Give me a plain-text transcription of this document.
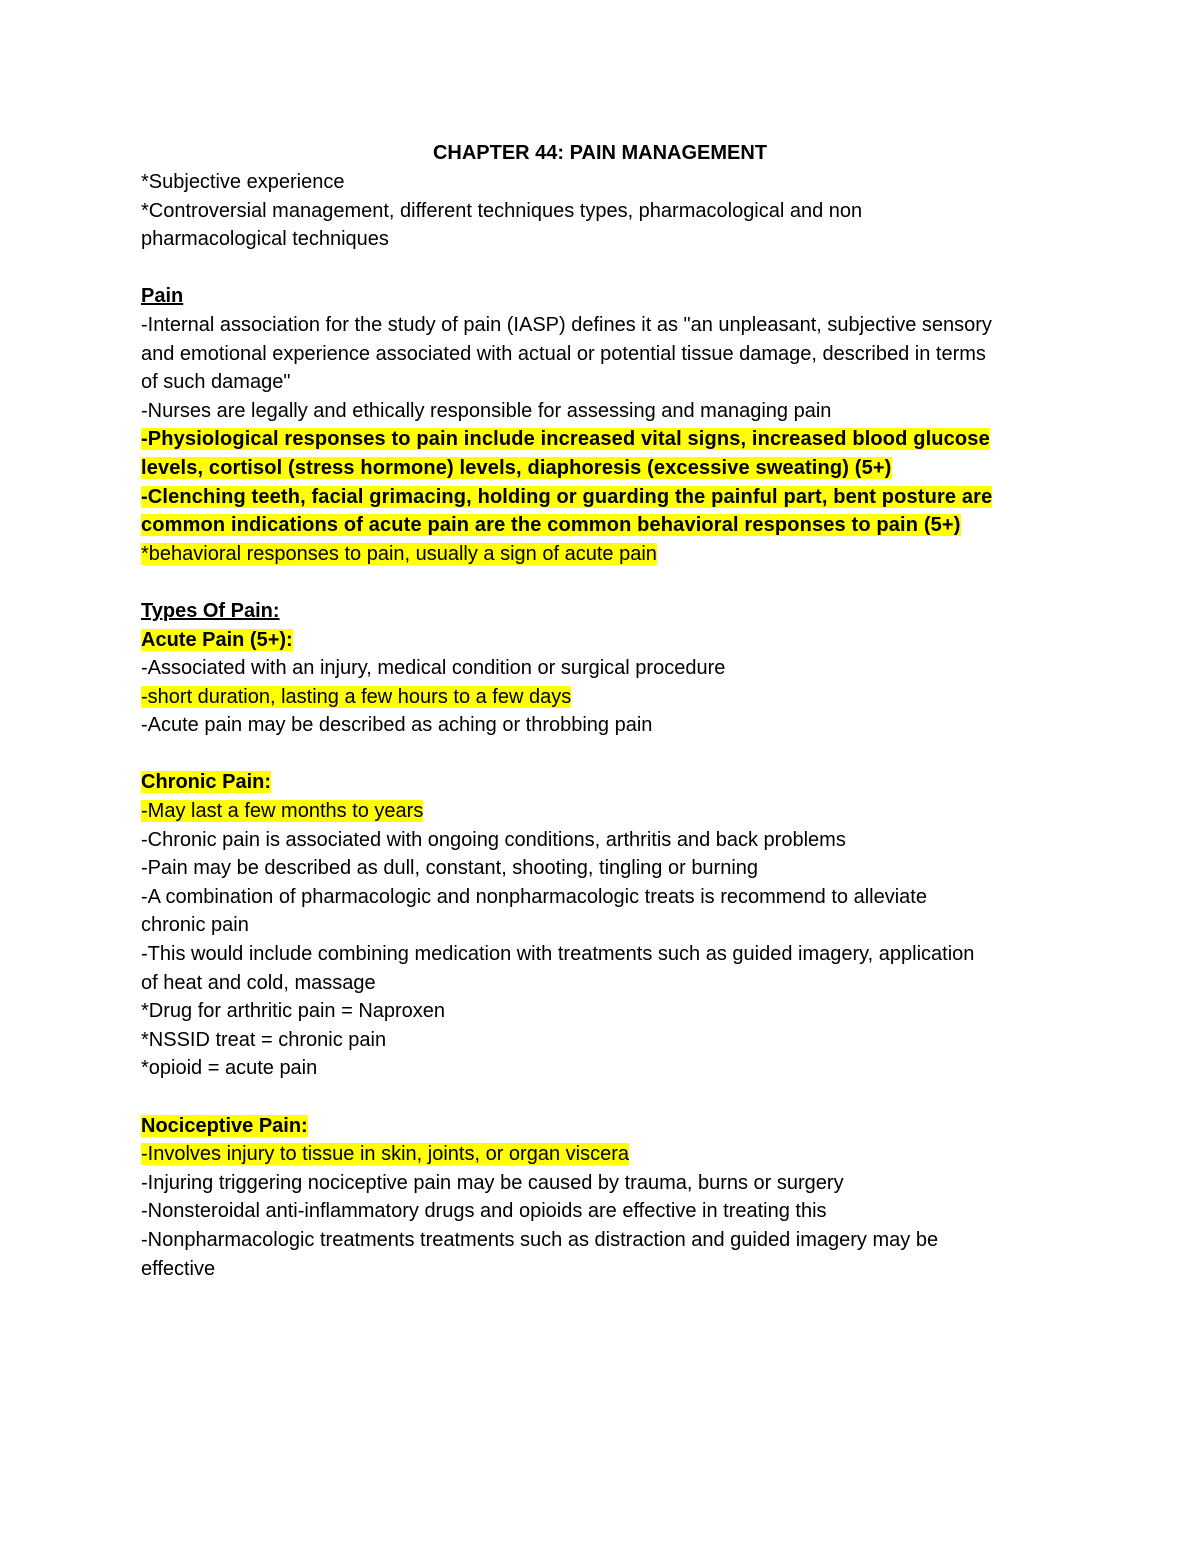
CHAPTER 44: PAIN MANAGEMENT
*Subjective experience
*Controversial management, different techniques types, pharmacological and non
pharmacological techniques
Pain
-Internal association for the study of pain (IASP) defines it as "an unpleasant, subjective sensory
and emotional experience associated with actual or potential tissue damage, described in terms
of such damage"
-Nurses are legally and ethically responsible for assessing and managing pain
-Physiological responses to pain include increased vital signs, increased blood glucose
levels, cortisol (stress hormone) levels, diaphoresis (excessive sweating) (5+)
-Clenching teeth, facial grimacing, holding or guarding the painful part, bent posture are
common indications of acute pain are the common behavioral responses to pain (5+)
*behavioral responses to pain, usually a sign of acute pain
Types Of Pain:
Acute Pain (5+):
-Associated with an injury, medical condition or surgical procedure
-short duration, lasting a few hours to a few days
-Acute pain may be described as aching or throbbing pain
Chronic Pain:
-May last a few months to years
-Chronic pain is associated with ongoing conditions, arthritis and back problems
-Pain may be described as dull, constant, shooting, tingling or burning
-A combination of pharmacologic and nonpharmacologic treats is recommend to alleviate
chronic pain
-This would include combining medication with treatments such as guided imagery, application
of heat and cold, massage
*Drug for arthritic pain = Naproxen
*NSSID treat = chronic pain
*opioid = acute pain
Nociceptive Pain:
-Involves injury to tissue in skin, joints, or organ viscera
-Injuring triggering nociceptive pain may be caused by trauma, burns or surgery
-Nonsteroidal anti-inflammatory drugs and opioids are effective in treating this
-Nonpharmacologic treatments treatments such as distraction and guided imagery may be
effective
